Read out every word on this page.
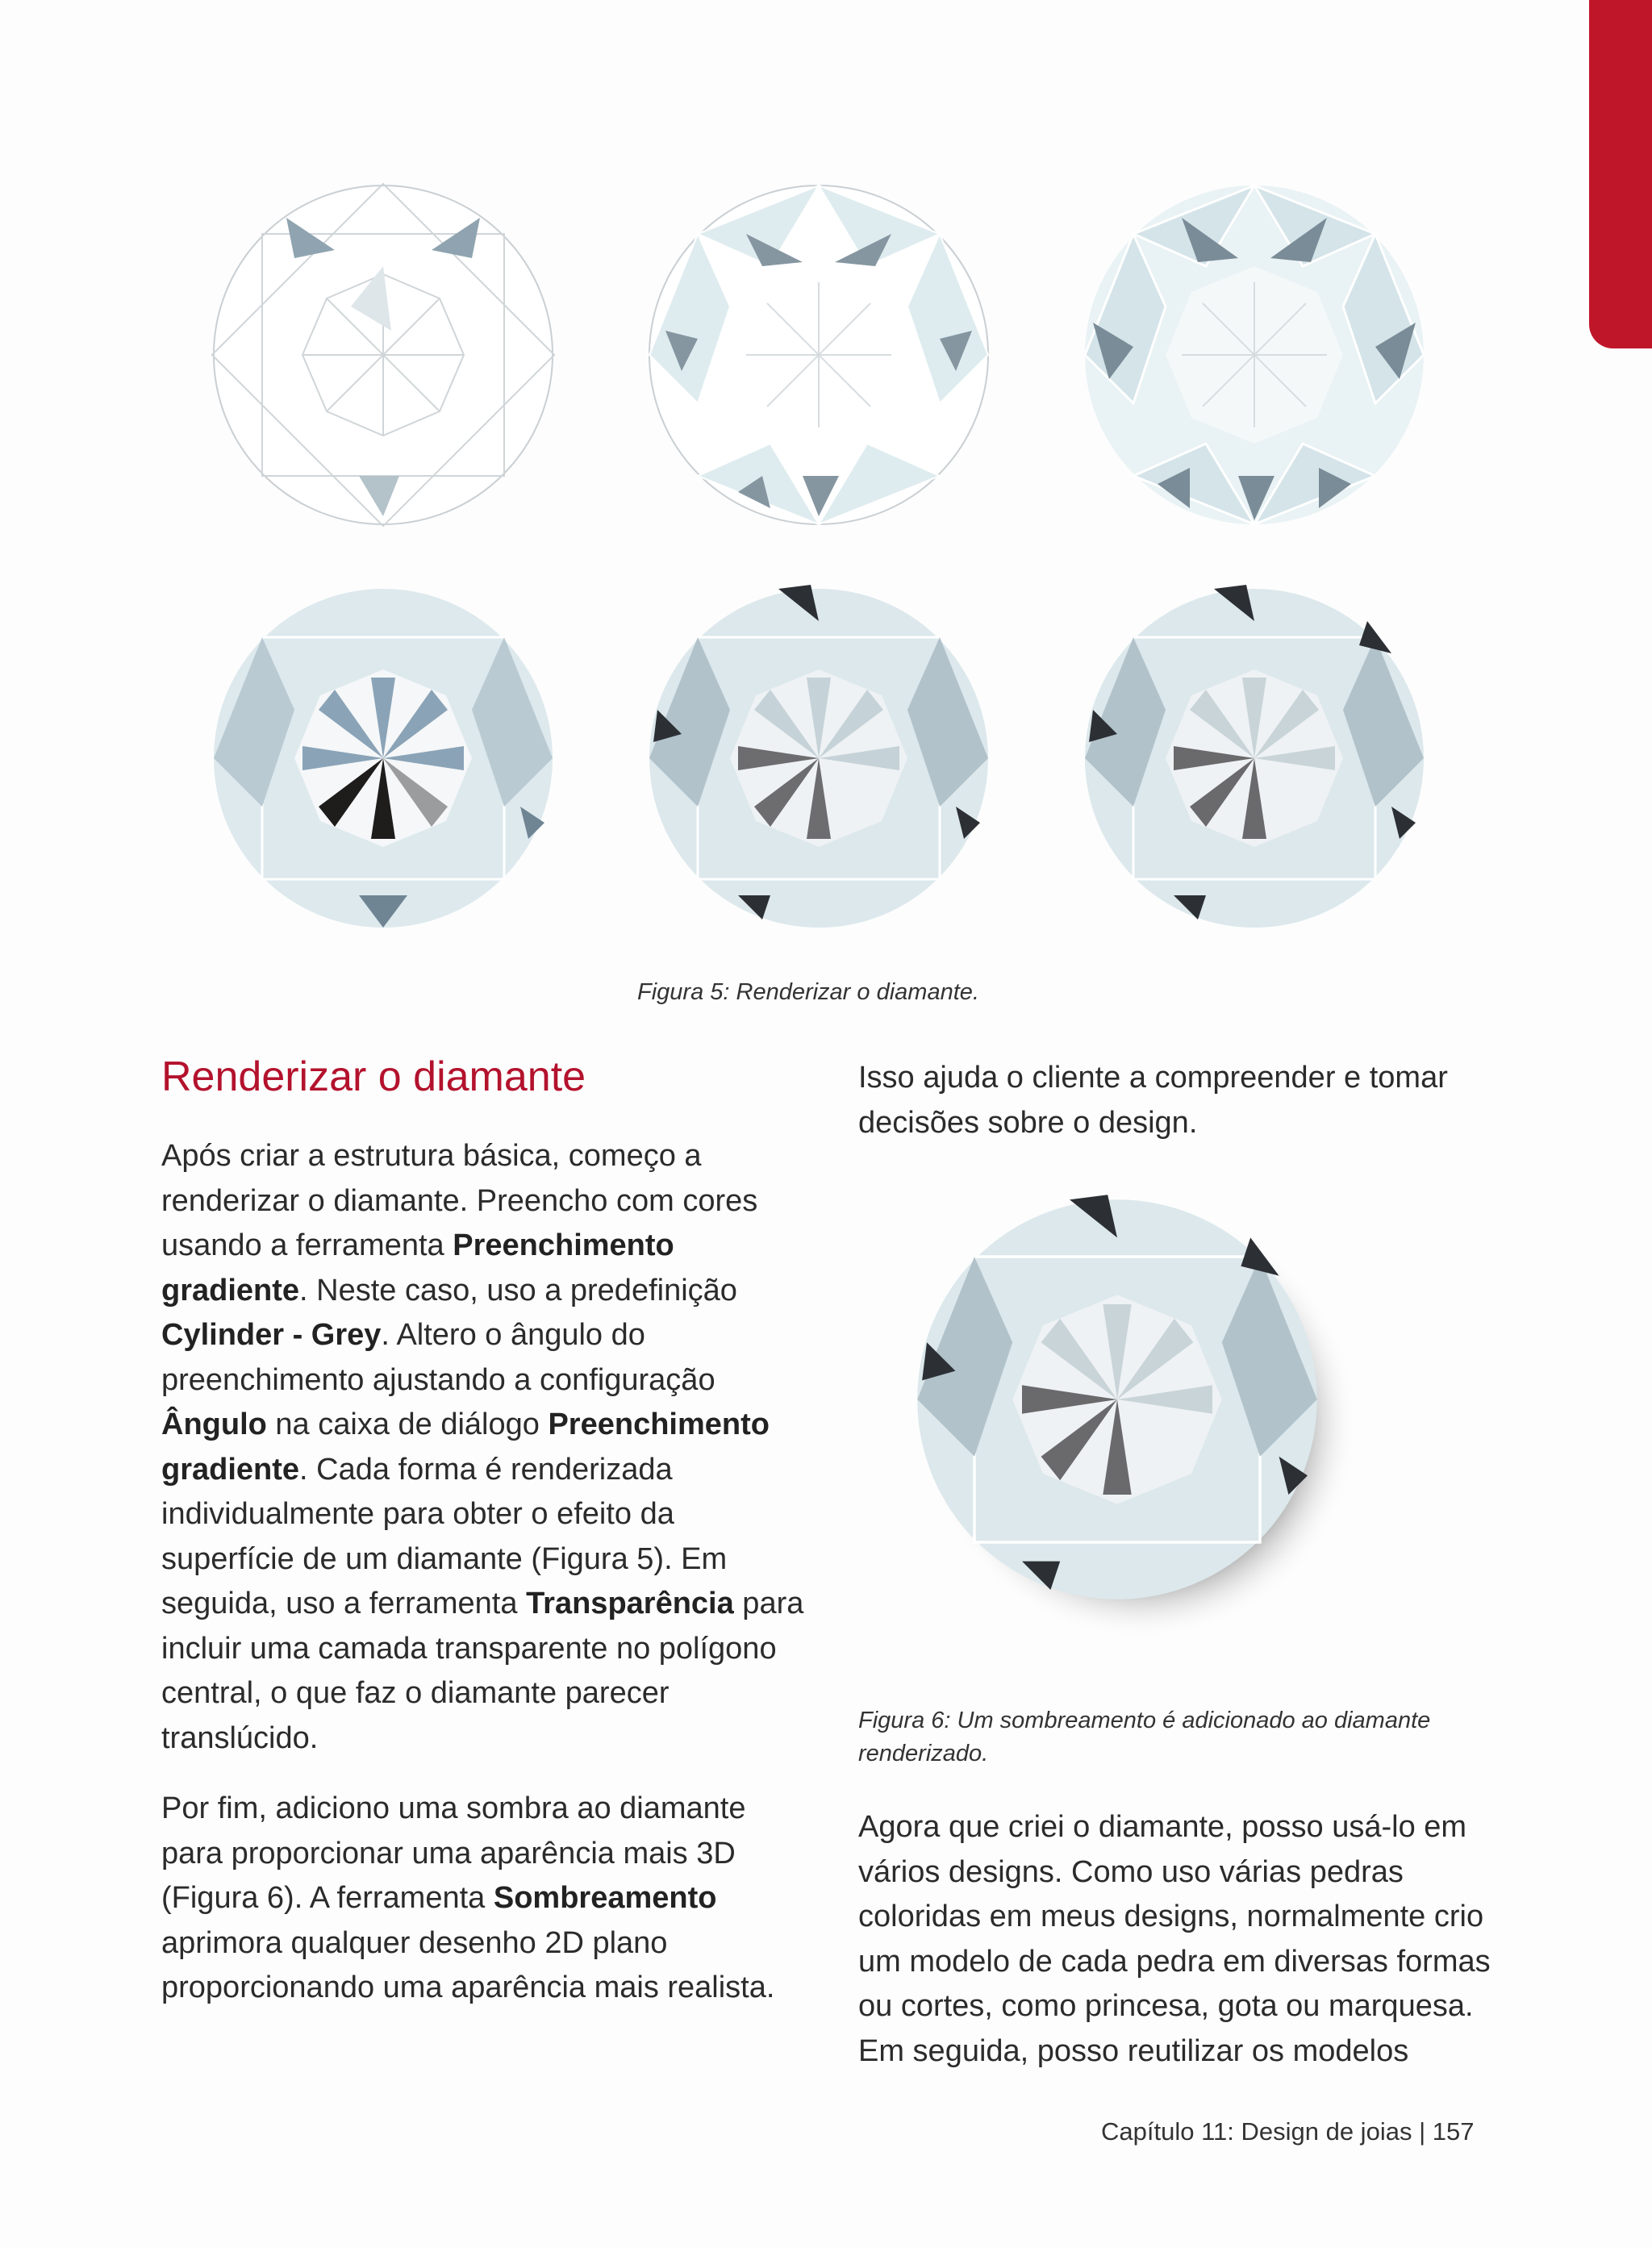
Figura 5: Renderizar o diamante.
Renderizar o diamante

Após criar a estrutura básica, começo a renderizar o diamante. Preencho com cores usando a ferramenta Preenchimento gradiente. Neste caso, uso a predefinição Cylinder - Grey. Altero o ângulo do preenchimento ajustando a configuração Ângulo na caixa de diálogo Preenchimento gradiente. Cada forma é renderizada individualmente para obter o efeito da superfície de um diamante (Figura 5). Em seguida, uso a ferramenta Transparência para incluir uma camada transparente no polígono central, o que faz o diamante parecer translúcido.

Por fim, adiciono uma sombra ao diamante para proporcionar uma aparência mais 3D (Figura 6). A ferramenta Sombreamento aprimora qualquer desenho 2D plano proporcionando uma aparência mais realista.

Isso ajuda o cliente a compreender e tomar decisões sobre o design.

Figura 6: Um sombreamento é adicionado ao diamante renderizado.

Agora que criei o diamante, posso usá-lo em vários designs. Como uso várias pedras coloridas em meus designs, normalmente crio um modelo de cada pedra em diversas formas ou cortes, como princesa, gota ou marquesa. Em seguida, posso reutilizar os modelos

Capítulo 11: Design de joias | 157
